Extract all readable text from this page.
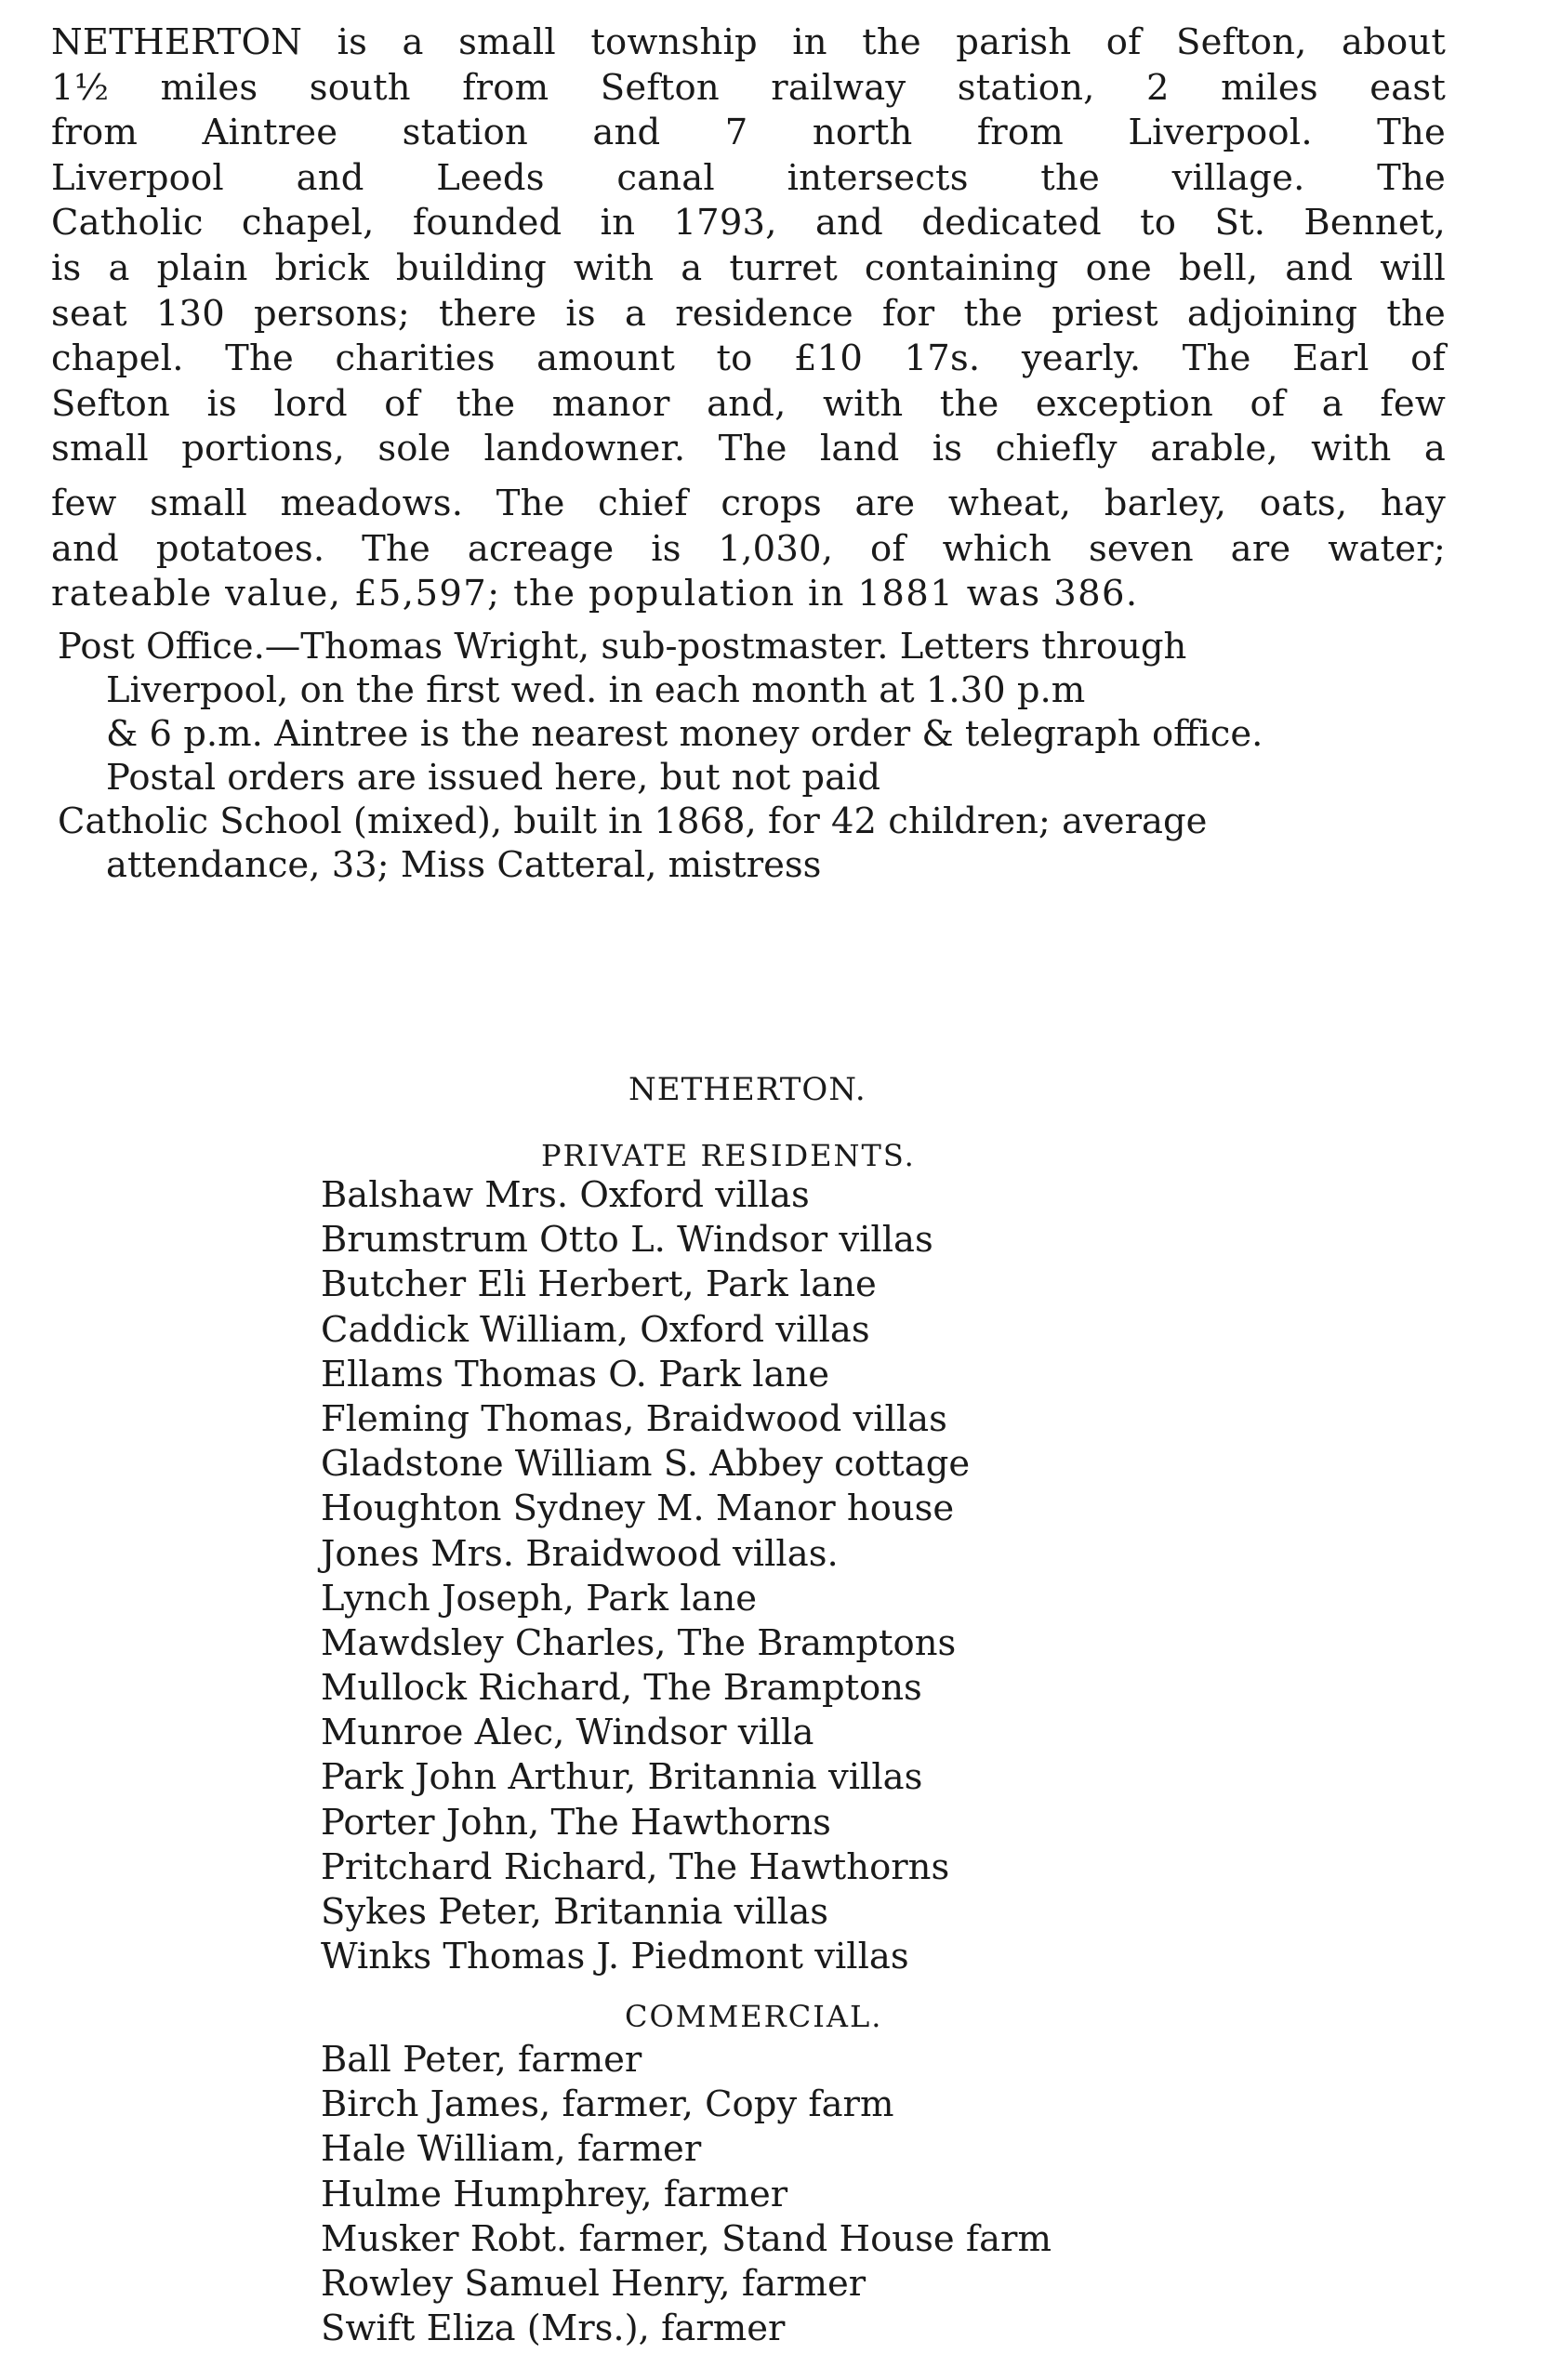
NETHERTON is a small township in the parish of Sefton, about
1½ miles south from Sefton railway station, 2 miles east
from Aintree station and 7 north from Liverpool. The
Liverpool and Leeds canal intersects the village. The
Catholic chapel, founded in 1793, and dedicated to St. Bennet,
is a plain brick building with a turret containing one bell, and will
seat 130 persons; there is a residence for the priest adjoining the
chapel. The charities amount to £10 17s. yearly. The Earl of
Sefton is lord of the manor and, with the exception of a few
small portions, sole landowner. The land is chiefly arable, with a
few small meadows. The chief crops are wheat, barley, oats, hay
and potatoes. The acreage is 1,030, of which seven are water;
rateable value, £5,597; the population in 1881 was 386.
Post Office.—Thomas Wright, sub-postmaster. Letters through
Liverpool, on the first wed. in each month at 1.30 p.m
& 6 p.m. Aintree is the nearest money order & telegraph office.
Postal orders are issued here, but not paid
Catholic School (mixed), built in 1868, for 42 children; average
attendance, 33; Miss Catteral, mistress
NETHERTON.
PRIVATE RESIDENTS.
Balshaw Mrs. Oxford villas
Brumstrum Otto L. Windsor villas
Butcher Eli Herbert, Park lane
Caddick William, Oxford villas
Ellams Thomas O. Park lane
Fleming Thomas, Braidwood villas
Gladstone William S. Abbey cottage
Houghton Sydney M. Manor house
Jones Mrs. Braidwood villas.
Lynch Joseph, Park lane
Mawdsley Charles, The Bramptons
Mullock Richard, The Bramptons
Munroe Alec, Windsor villa
Park John Arthur, Britannia villas
Porter John, The Hawthorns
Pritchard Richard, The Hawthorns
Sykes Peter, Britannia villas
Winks Thomas J. Piedmont villas
COMMERCIAL.
Ball Peter, farmer
Birch James, farmer, Copy farm
Hale William, farmer
Hulme Humphrey, farmer
Musker Robt. farmer, Stand House farm
Rowley Samuel Henry, farmer
Swift Eliza (Mrs.), farmer
